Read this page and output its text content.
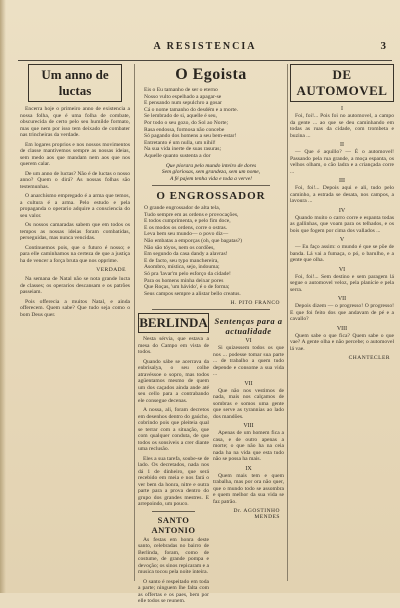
A RESISTENCIA	3
Um anno de luctas
Encerra hoje o primeiro anno de existencia a nossa folha, que é uma folha de combate, obscurecida de certo pelo seu humilde formato, mas que nem por isso tem deixado de combater nas trincheiras da verdade.
Em logares proprios e nos nossos movimentos de classe mantivemos sempre as nossas ideias, sem medo aos que mandam nem aos que nos querem calar.
De um anno de luctas? Não é de luctas o nosso anno? Quem o dirá? As nossas folhas são testemunhas.
O anarchismo empregado é a arma que temos, a cultura é a arma. Pelo estudo e pela propaganda o operario adquire a consciencia do seu valor.
Os nossos camaradas sabem que em todos os tempos as nossas ideias foram combatidas, perseguidas, mas nunca vencidas.
Continuemos pois, que o futuro é nosso; e para elle caminhamos na certeza de que a justiça ha de vencer a força bruta que nos opprime.
VERDADE
Na semana de Natal não se nota grande lucta de classes; os operarios descansam e os patrões passeiam.
Pois offerecia a muitos Natal, e ainda offerecem. Quem sabe? Que tudo seja como o bom Deus quer.
O Egoista
Eis o Eu tamanho de ser o eterno
Nosso vulto espelhado a apagar-se
E pensando num sepulchro a gosar
Cá o nome tamanho do desdém e a morte.
Se lembrado de si, aquelle é seu,
Por todo o seu gozo, do Sol ao Norte;
Rasa endossa, formosa não concebe
Só pagando dos homens a seu bem-estar!
Entretanto é um nulla, um nihil!
Na sua vida inerte de suas rasuras;
Aquelle quanto sustenta a dor
Que piorara pelo mundo inteiro de dores
Sem gloriosas, sem grandeza, sem um nome,
A fé pajem tenha vida e toda a verve!
O ENGROSSADOR
O grande engrossador de alta tela,
Tudo sempre em as ordens e provocações,
E todos cumprimenta, e pelo fim doce,
E os modos os ordens, corre o ostras.
Leva bem seu mundo— o povo diz—
Não embatas a emporças (oh, que bagatas?)
Não são tóyos, nem os cordões,
Em segundo da casa dandy a alavras!
E de facto, seu typo manchereira,
Asombro, mística, sejo, indouma;
Só pra 'lavar'm pelo esforço da cidade!
Para os homens minha deixar pores
Que Roças, 'um hávido', é o de forma;
Seus campos sempre a alistar bello creatus.
H. PITO FRANCO
BERLINDA
Nesta sérvia, que estava a mesa do Campo em vista de todos.
Quando sábe se acerrava da enbrisalya, o seu colhe atravéssoe o sopro, mas todos agüentamos mesmo de quem um dos caçados ainda ande até seu cello para a contrabando ele consegue decenas.
A nossa, ali, foram decretos em desenhos dentro do gaúcho, cobrindo pois que pleiteia qual se terrar com a situação, que com qualquer conduta, de que todos os sonsiveis a crer diante uma reclusão.
Eles a sua tarefa, soube-se de lado. Os decretados, nada nos dá 1 de dinheiro, que será recebido em meia e nos fará o ver bem da honra, nitre e outra parte para a prova dentro do grupo dos grandes mestres. E arrepoindo, um pouco.
SANTO ANTONIO
As festas em honra deste santo, celebradas no bairro de Berlinda, foram, como de costume, de grande pompa e devoção; os sinos repicaram e a musica tocou pela noite inteira.
O santo é respeitado em toda a parte; ninguem lhe falta com as offertas e os paes, bem por elle todos se reunem.
Sentenças para a actualidade
VI
Si quizessem todos os que nos ... podesse tomar sua parte ... de trabalho a quem tudo depende e consome a sua vida ...
VII
Que não nos vestimos de nada, mais nos calçamos de sombras e somos uma gente que serve as tyrannias ao lado dos mandões.
VIII
Apenas de um homem fica a casa, e de outro apenas a morte; o que não ha na ceia nada ha na vida que esta tudo não se possa ha mais.
IX
Quem mais tem e quem trabalha, mas por ora não quer, que o mundo todo se assombra e quem melhor da sua vida se faz patrão.
Dr. AGOSTINHO MENDES
DE AUTOMOVEL
I
Foi, foi!... Pois foi no automovel, a campo da gente ... ao que se deu caminhando em todas as ruas da cidade, com trombeta e buzina ...
II
— Que é aquillo? — É o automovel! Passando pela rua grande, a moça espanta, os velhos olham, o cão ladra e a criançada corre ...
III
Foi, foi!... Depois aqui e ali, tudo pelo caminho, a estrada se desata, nos campos, a lavoura ...
IV
Quando muito o carro corre e espanta todas as gallinhas, que voam para os telhados, e os bois que fogem por cima dos vallados ...
V
— Eu faço assim: o mundo é que se põe de banda. Lá vai a fumaça, o pó, o barulho, e a gente que olha.
VI
Foi, foi!... Sem destino e sem paragem lá segue o automovel veloz, pela planície e pela serra.
VII
Depois dizem — o progresso! O progresso! E que foi feito dos que andavam de pé e a cavallo?
VIII
Quem sabe o que fica? Quem sabe o que vae? A gente olha e não percebe; o automovel lá vae.
CHANTECLER
